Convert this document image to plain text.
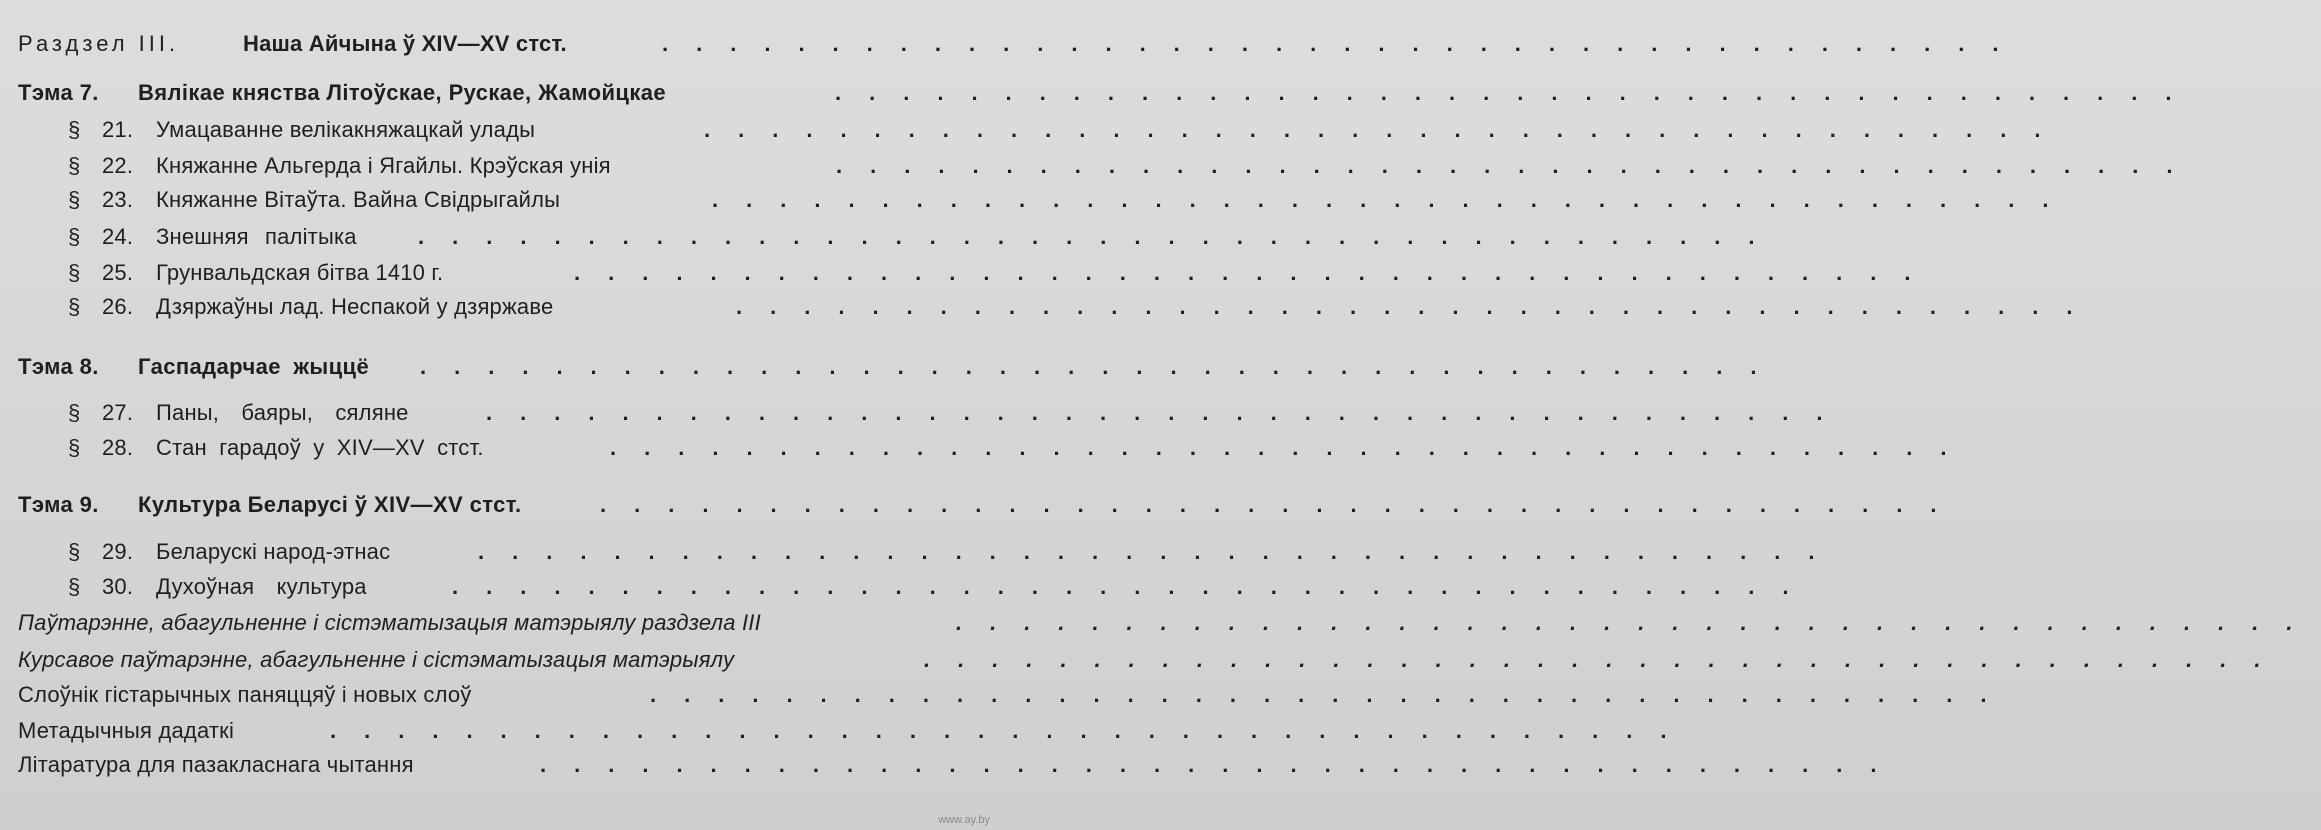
Раздзел III.	Наша Айчына ў XIV—XV стст.	........................................
Тэма 7. Вялікае княства Літоўскае, Рускае, Жамойцкае	........................................
§ 21. Умацаванне велікакняжацкай улады	........................................
§ 22. Княжанне Альгерда і Ягайлы. Крэўская унія	........................................
§ 23. Княжанне Вітаўта. Вайна Свідрыгайлы	........................................
§ 24. Знешняя палітыка	........................................
§ 25. Грунвальдская бітва 1410 г.	........................................
§ 26. Дзяржаўны лад. Неспакой у дзяржаве	........................................
Тэма 8. Гаспадарчае жыццё ........................................
§ 27. Паны, баяры, сяляне	........................................
§ 28. Стан гарадоў у XIV—XV стст.	........................................
Тэма 9. Культура Беларусі ў XIV—XV стст.	........................................
§ 29. Беларускі народ-этнас	........................................
§ 30. Духоўная культура	........................................
Паўтарэнне, абагульненне і сістэматызацыя матэрыялу раздзела III	........................................
Курсавое паўтарэнне, абагульненне і сістэматызацыя матэрыялу	........................................
Слоўнік гістарычных паняццяў і новых слоў	........................................
Метадычныя дадаткі	........................................
Літаратура для пазакласнага чытання	........................................
www.ay.by
